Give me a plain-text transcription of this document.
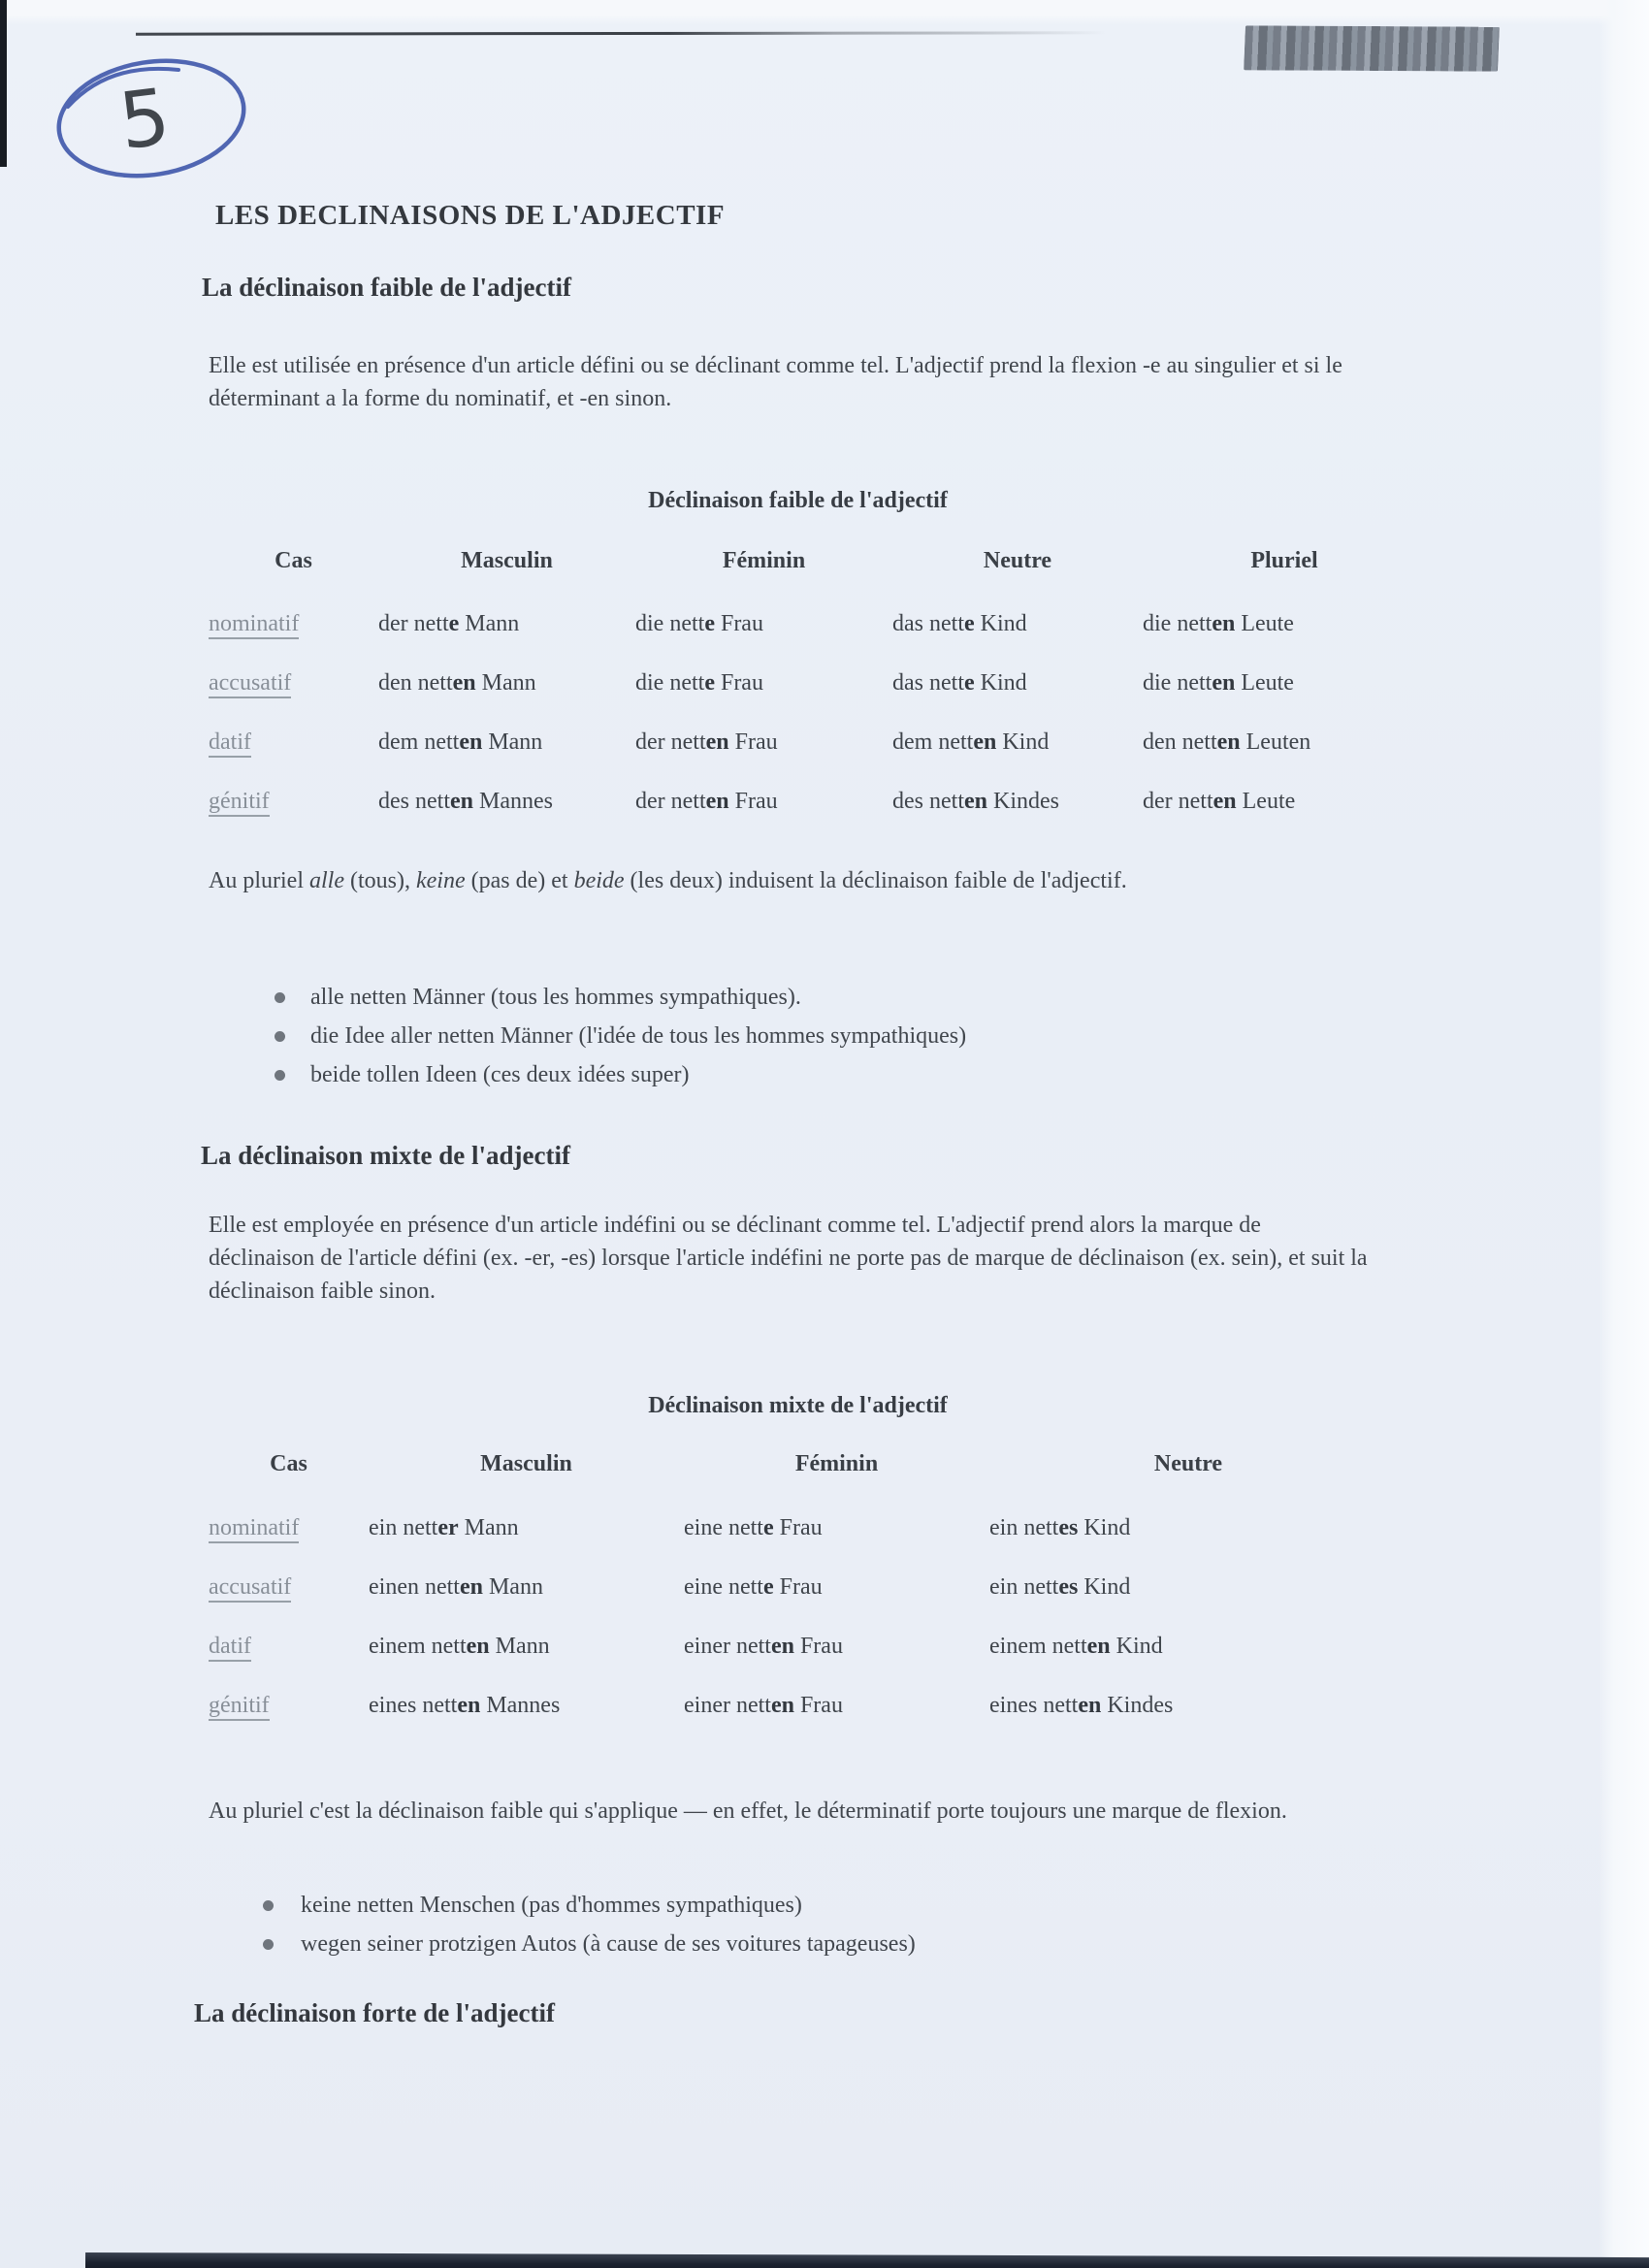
5
LES DECLINAISONS DE L'ADJECTIF
La déclinaison faible de l'adjectif

Elle est utilisée en présence d'un article défini ou se déclinant comme tel. L'adjectif prend la flexion -e au singulier et si le déterminant a la forme du nominatif, et -en sinon.

Déclinaison faible de l'adjectif
Cas	Masculin	Féminin	Neutre	Pluriel
nominatif	der nette Mann	die nette Frau	das nette Kind	die netten Leute
accusatif	den netten Mann	die nette Frau	das nette Kind	die netten Leute
datif	dem netten Mann	der netten Frau	dem netten Kind	den netten Leuten
génitif	des netten Mannes	der netten Frau	des netten Kindes	der netten Leute

Au pluriel alle (tous), keine (pas de) et beide (les deux) induisent la déclinaison faible de l'adjectif.

alle netten Männer (tous les hommes sympathiques).
die Idee aller netten Männer (l'idée de tous les hommes sympathiques)
beide tollen Ideen (ces deux idées super)
La déclinaison mixte de l'adjectif

Elle est employée en présence d'un article indéfini ou se déclinant comme tel. L'adjectif prend alors la marque de déclinaison de l'article défini (ex. -er, -es) lorsque l'article indéfini ne porte pas de marque de déclinaison (ex. sein), et suit la déclinaison faible sinon.

Déclinaison mixte de l'adjectif
Cas	Masculin	Féminin	Neutre
nominatif	ein netter Mann	eine nette Frau	ein nettes Kind
accusatif	einen netten Mann	eine nette Frau	ein nettes Kind
datif	einem netten Mann	einer netten Frau	einem netten Kind
génitif	eines netten Mannes	einer netten Frau	eines netten Kindes

Au pluriel c'est la déclinaison faible qui s'applique — en effet, le déterminatif porte toujours une marque de flexion.

keine netten Menschen (pas d'hommes sympathiques)
wegen seiner protzigen Autos (à cause de ses voitures tapageuses)
La déclinaison forte de l'adjectif
